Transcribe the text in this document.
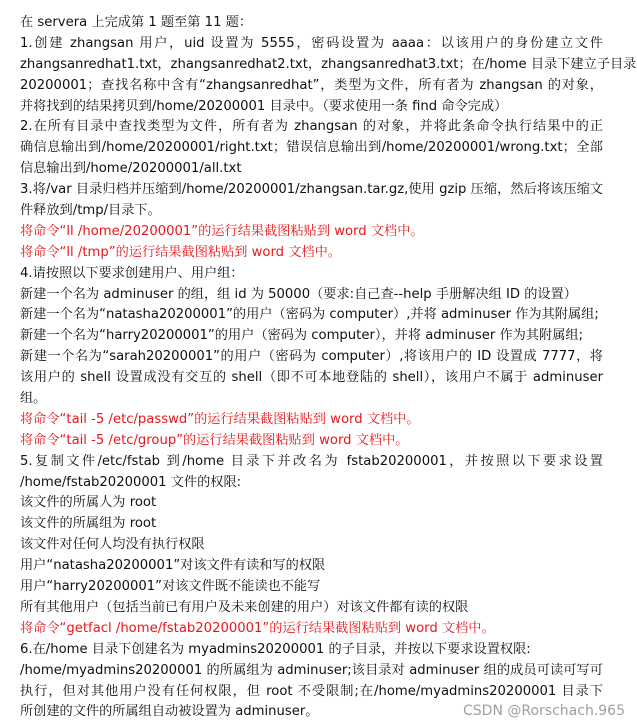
在 servera 上完成第 1 题至第 11 题：
1.创建 zhangsan 用户，uid 设置为 5555，密码设置为 aaaa：以该用户的身份建立文件
zhangsanredhat1.txt，zhangsanredhat2.txt，zhangsanredhat3.txt；在/home 目录下建立子目录
20200001；查找名称中含有“zhangsanredhat”，类型为文件，所有者为 zhangsan 的对象，
并将找到的结果拷贝到/home/20200001 目录中。（要求使用一条 find 命令完成）
2.在所有目录中查找类型为文件，所有者为 zhangsan 的对象，并将此条命令执行结果中的正
确信息输出到/home/20200001/right.txt；错误信息输出到/home/20200001/wrong.txt；全部
信息输出到/home/20200001/all.txt
3.将/var 目录归档并压缩到/home/20200001/zhangsan.tar.gz,使用 gzip 压缩，然后将该压缩文
件释放到/tmp/目录下。
将命令“ll /home/20200001”的运行结果截图粘贴到 word 文档中。
将命令“ll /tmp”的运行结果截图粘贴到 word 文档中。
4.请按照以下要求创建用户、用户组：
新建一个名为 adminuser 的组，组 id 为 50000（要求:自己查--help 手册解决组 ID 的设置）
新建一个名为“natasha20200001”的用户（密码为 computer）,并将 adminuser 作为其附属组;
新建一个名为“harry20200001”的用户（密码为 computer），并将 adminuser 作为其附属组;
新建一个名为“sarah20200001”的用户（密码为 computer）,将该用户的 ID 设置成 7777，将
该用户的 shell 设置成没有交互的 shell（即不可本地登陆的 shell），该用户不属于 adminuser
组。
将命令“tail -5 /etc/passwd”的运行结果截图粘贴到 word 文档中。
将命令“tail -5 /etc/group”的运行结果截图粘贴到 word 文档中。
5.复制文件/etc/fstab 到/home 目录下并改名为 fstab20200001，并按照以下要求设置
/home/fstab20200001 文件的权限:
该文件的所属人为 root
该文件的所属组为 root
该文件对任何人均没有执行权限
用户“natasha20200001”对该文件有读和写的权限
用户“harry20200001”对该文件既不能读也不能写
所有其他用户（包括当前已有用户及未来创建的用户）对该文件都有读的权限
将命令“getfacl /home/fstab20200001”的运行结果截图粘贴到 word 文档中。
6.在/home 目录下创建名为 myadmins20200001 的子目录，并按以下要求设置权限:
/home/myadmins20200001 的所属组为 adminuser;该目录对 adminuser 组的成员可读可写可
执行，但对其他用户没有任何权限，但 root 不受限制;在/home/myadmins20200001 目录下
所创建的文件的所属组自动被设置为 adminuser。	CSDN @Rorschach.965
